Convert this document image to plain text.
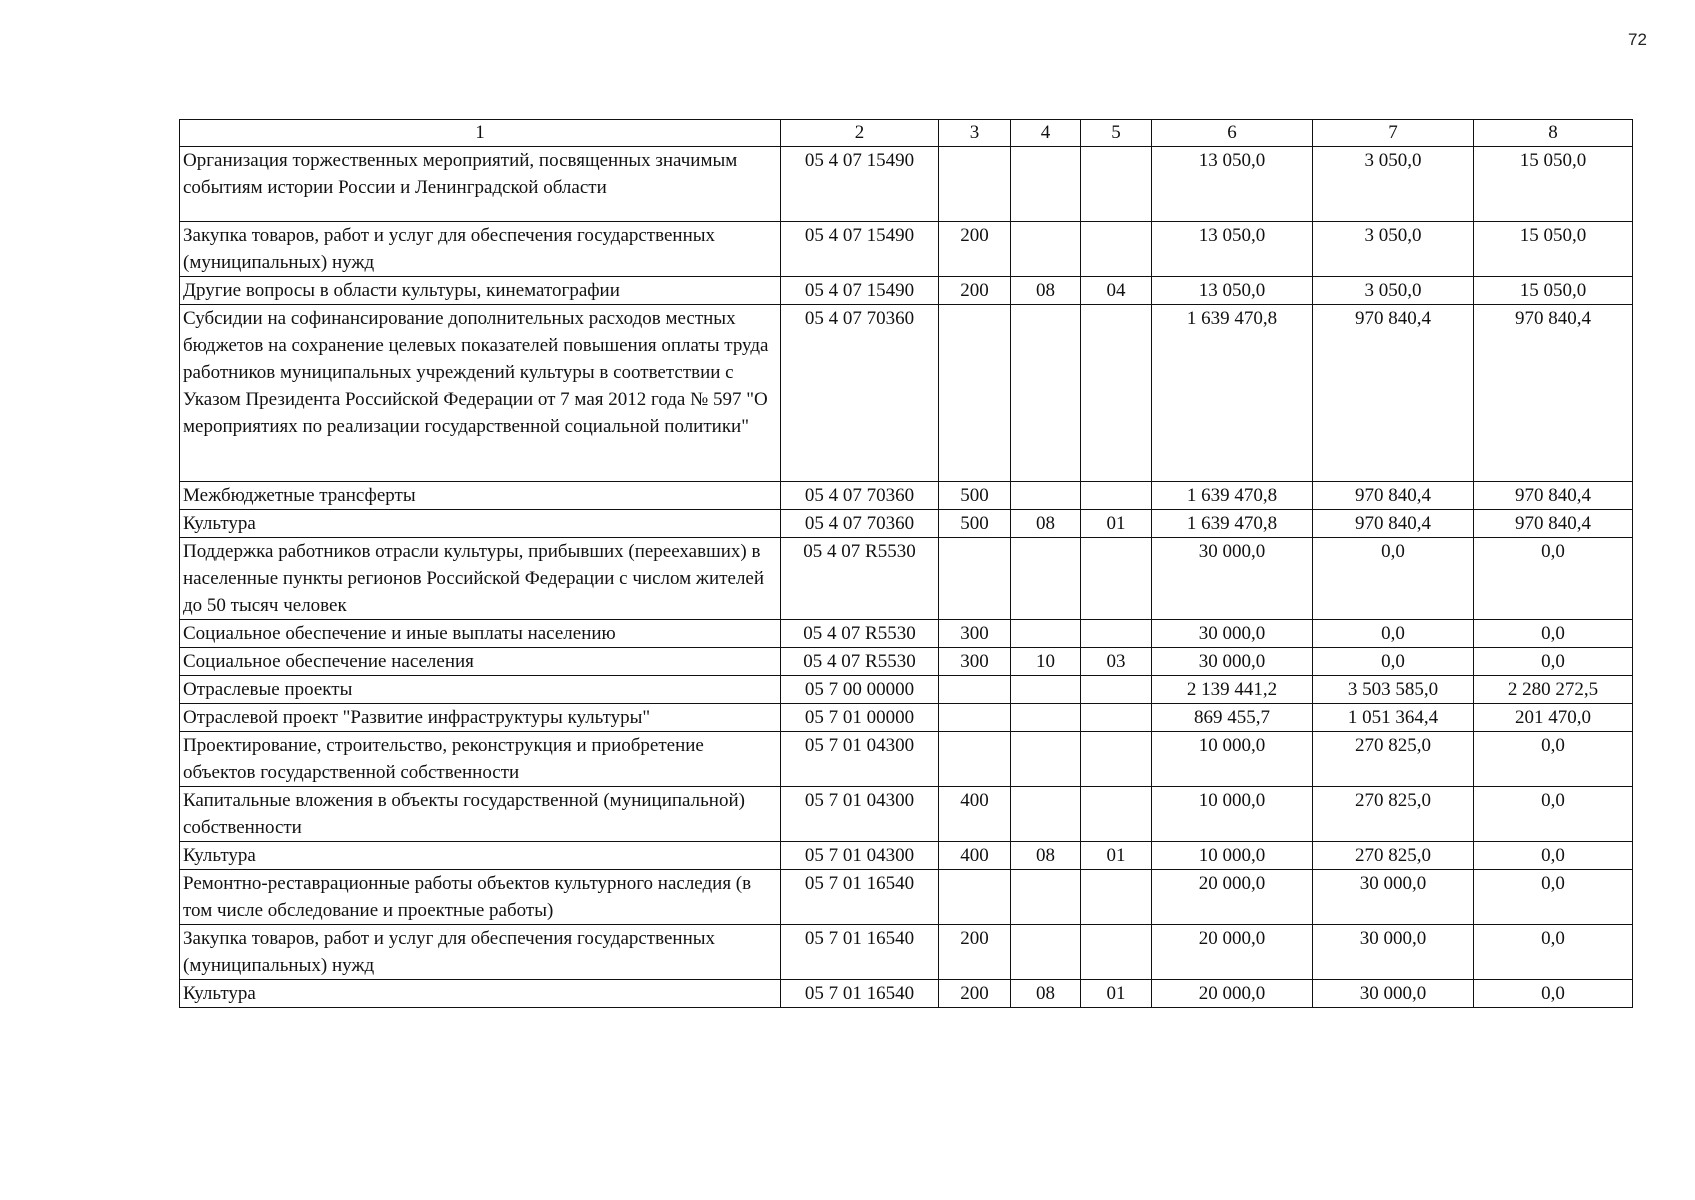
72
1	2	3	4	5	6	7	8
Организация торжественных мероприятий, посвященных значимым событиям истории России и Ленинградской области	05 4 07 15490				13 050,0	3 050,0	15 050,0
Закупка товаров, работ и услуг для обеспечения государственных (муниципальных) нужд	05 4 07 15490	200			13 050,0	3 050,0	15 050,0
Другие вопросы в области культуры, кинематографии	05 4 07 15490	200	08	04	13 050,0	3 050,0	15 050,0
Субсидии на софинансирование дополнительных расходов местных бюджетов на сохранение целевых показателей повышения оплаты труда работников муниципальных учреждений культуры в соответствии с Указом Президента Российской Федерации от 7 мая 2012 года № 597 "О мероприятиях по реализации государственной социальной политики"	05 4 07 70360				1 639 470,8	970 840,4	970 840,4
Межбюджетные трансферты	05 4 07 70360	500			1 639 470,8	970 840,4	970 840,4
Культура	05 4 07 70360	500	08	01	1 639 470,8	970 840,4	970 840,4
Поддержка работников отрасли культуры, прибывших (переехавших) в населенные пункты регионов Российской Федерации с числом жителей до 50 тысяч человек	05 4 07 R5530				30 000,0	0,0	0,0
Социальное обеспечение и иные выплаты населению	05 4 07 R5530	300			30 000,0	0,0	0,0
Социальное обеспечение населения	05 4 07 R5530	300	10	03	30 000,0	0,0	0,0
Отраслевые проекты	05 7 00 00000				2 139 441,2	3 503 585,0	2 280 272,5
Отраслевой проект "Развитие инфраструктуры культуры"	05 7 01 00000				869 455,7	1 051 364,4	201 470,0
Проектирование, строительство, реконструкция и приобретение объектов государственной собственности	05 7 01 04300				10 000,0	270 825,0	0,0
Капитальные вложения в объекты государственной (муниципальной) собственности	05 7 01 04300	400			10 000,0	270 825,0	0,0
Культура	05 7 01 04300	400	08	01	10 000,0	270 825,0	0,0
Ремонтно-реставрационные работы объектов культурного наследия (в том числе обследование и проектные работы)	05 7 01 16540				20 000,0	30 000,0	0,0
Закупка товаров, работ и услуг для обеспечения государственных (муниципальных) нужд	05 7 01 16540	200			20 000,0	30 000,0	0,0
Культура	05 7 01 16540	200	08	01	20 000,0	30 000,0	0,0
